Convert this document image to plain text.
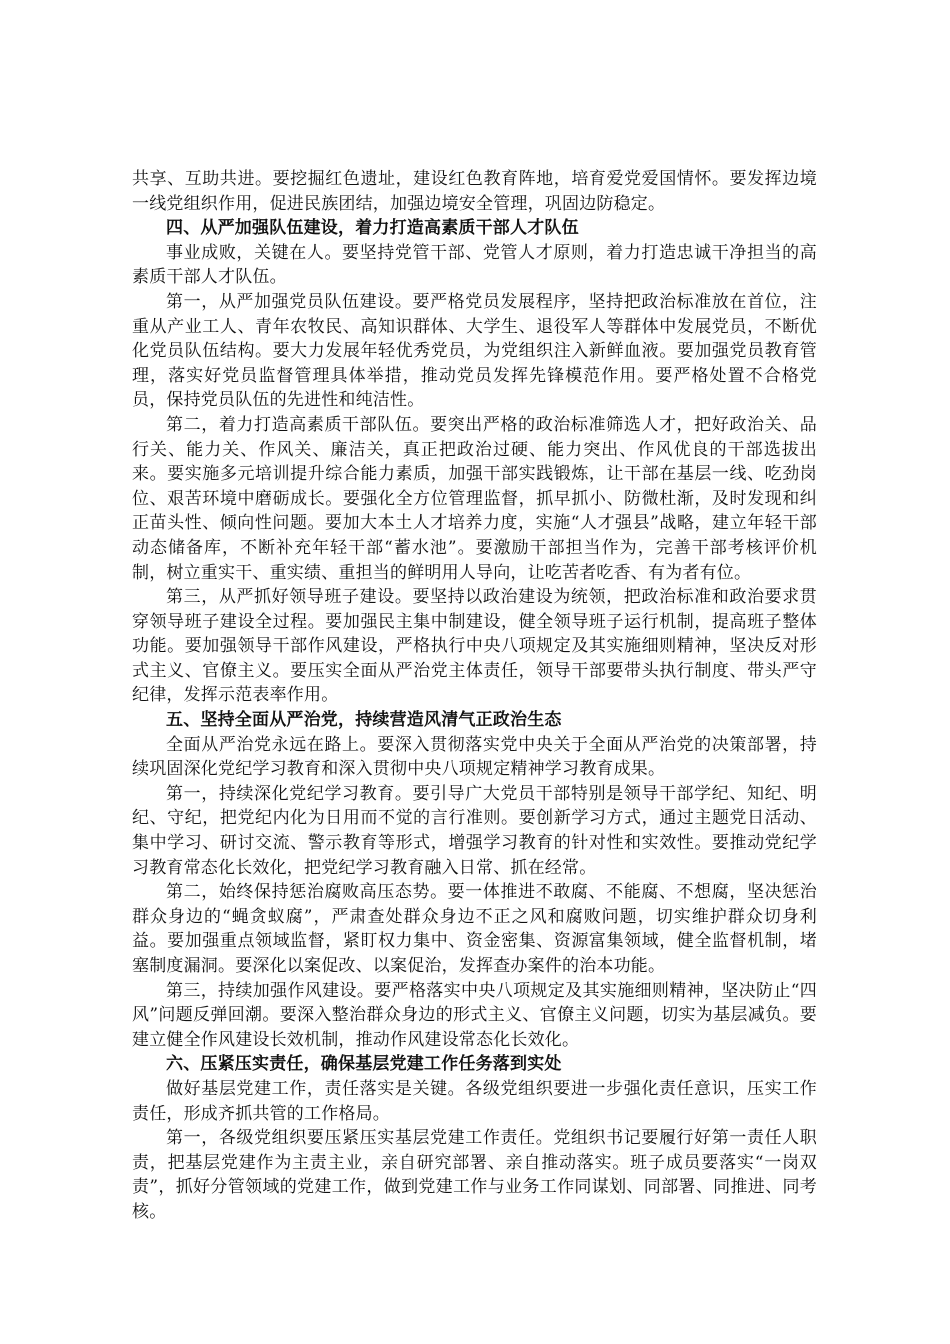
共享、互助共进。要挖掘红色遗址，建设红色教育阵地，培育爱党爱国情怀。要发挥边境一线党组织作用，促进民族团结，加强边境安全管理，巩固边防稳定。

四、从严加强队伍建设，着力打造高素质干部人才队伍

事业成败，关键在人。要坚持党管干部、党管人才原则，着力打造忠诚干净担当的高素质干部人才队伍。

第一，从严加强党员队伍建设。要严格党员发展程序，坚持把政治标准放在首位，注重从产业工人、青年农牧民、高知识群体、大学生、退役军人等群体中发展党员，不断优化党员队伍结构。要大力发展年轻优秀党员，为党组织注入新鲜血液。要加强党员教育管理，落实好党员监督管理具体举措，推动党员发挥先锋模范作用。要严格处置不合格党员，保持党员队伍的先进性和纯洁性。

第二，着力打造高素质干部队伍。要突出严格的政治标准筛选人才，把好政治关、品行关、能力关、作风关、廉洁关，真正把政治过硬、能力突出、作风优良的干部选拔出来。要实施多元培训提升综合能力素质，加强干部实践锻炼，让干部在基层一线、吃劲岗位、艰苦环境中磨砺成长。要强化全方位管理监督，抓早抓小、防微杜渐，及时发现和纠正苗头性、倾向性问题。要加大本土人才培养力度，实施“人才强县”战略，建立年轻干部动态储备库，不断补充年轻干部“蓄水池”。要激励干部担当作为，完善干部考核评价机制，树立重实干、重实绩、重担当的鲜明用人导向，让吃苦者吃香、有为者有位。

第三，从严抓好领导班子建设。要坚持以政治建设为统领，把政治标准和政治要求贯穿领导班子建设全过程。要加强民主集中制建设，健全领导班子运行机制，提高班子整体功能。要加强领导干部作风建设，严格执行中央八项规定及其实施细则精神，坚决反对形式主义、官僚主义。要压实全面从严治党主体责任，领导干部要带头执行制度、带头严守纪律，发挥示范表率作用。

五、坚持全面从严治党，持续营造风清气正政治生态

全面从严治党永远在路上。要深入贯彻落实党中央关于全面从严治党的决策部署，持续巩固深化党纪学习教育和深入贯彻中央八项规定精神学习教育成果。

第一，持续深化党纪学习教育。要引导广大党员干部特别是领导干部学纪、知纪、明纪、守纪，把党纪内化为日用而不觉的言行准则。要创新学习方式，通过主题党日活动、集中学习、研讨交流、警示教育等形式，增强学习教育的针对性和实效性。要推动党纪学习教育常态化长效化，把党纪学习教育融入日常、抓在经常。

第二，始终保持惩治腐败高压态势。要一体推进不敢腐、不能腐、不想腐，坚决惩治群众身边的“蝇贪蚁腐”，严肃查处群众身边不正之风和腐败问题，切实维护群众切身利益。要加强重点领域监督，紧盯权力集中、资金密集、资源富集领域，健全监督机制，堵塞制度漏洞。要深化以案促改、以案促治，发挥查办案件的治本功能。

第三，持续加强作风建设。要严格落实中央八项规定及其实施细则精神，坚决防止“四风”问题反弹回潮。要深入整治群众身边的形式主义、官僚主义问题，切实为基层减负。要建立健全作风建设长效机制，推动作风建设常态化长效化。

六、压紧压实责任，确保基层党建工作任务落到实处

做好基层党建工作，责任落实是关键。各级党组织要进一步强化责任意识，压实工作责任，形成齐抓共管的工作格局。

第一，各级党组织要压紧压实基层党建工作责任。党组织书记要履行好第一责任人职责，把基层党建作为主责主业，亲自研究部署、亲自推动落实。班子成员要落实“一岗双责”，抓好分管领域的党建工作，做到党建工作与业务工作同谋划、同部署、同推进、同考核。
